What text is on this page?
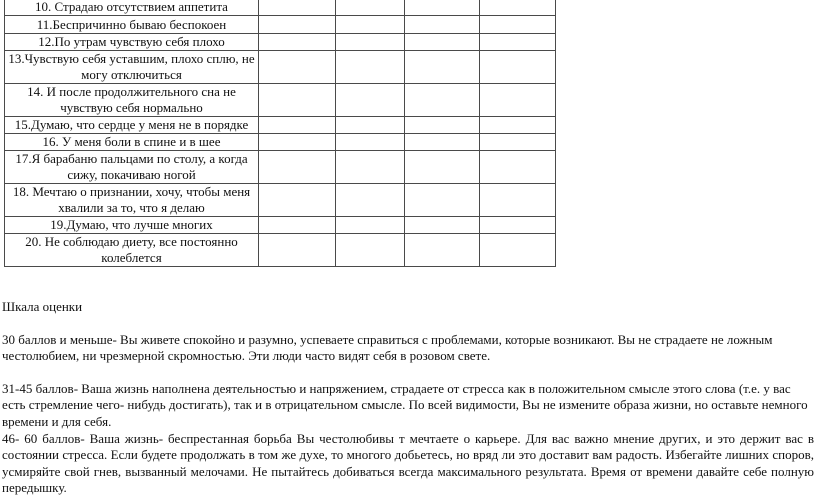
10. Страдаю отсутствием аппетита				
11.Беспричинно бываю беспокоен				
12.По утрам чувствую себя плохо				
13.Чувствую себя уставшим, плохо сплю, не могу отключиться				
14. И после продолжительного сна не чувствую себя нормально				
15.Думаю, что сердце у меня не в порядке				
16. У меня боли в спине и в шее				
17.Я барабаню пальцами по столу, а когда сижу, покачиваю ногой				
18. Мечтаю о признании, хочу, чтобы меня хвалили за то, что я делаю				
19.Думаю, что лучше многих				
20. Не соблюдаю диету, все постоянно колеблется				

Шкала оценки

30 баллов и меньше- Вы живете спокойно и разумно, успеваете справиться с проблемами, которые возникают. Вы не страдаете не ложным честолюбием, ни чрезмерной скромностью. Эти люди часто видят себя в розовом свете.

31-45 баллов- Ваша жизнь наполнена деятельностью и напряжением, страдаете от стресса как в положительном смысле этого слова (т.е. у вас есть стремление чего- нибудь достигать), так и в отрицательном смысле. По всей видимости, Вы не измените образа жизни, но оставьте немного времени и для себя.

46- 60 баллов- Ваша жизнь- беспрестанная борьба Вы честолюбивы т мечтаете о карьере. Для вас важно мнение других, и это держит вас в состоянии стресса. Если будете продолжать в том же духе, то многого добьетесь, но вряд ли это доставит вам радость. Избегайте лишних споров, усмиряйте свой гнев, вызванный мелочами. Не пытайтесь добиваться всегда максимального результата. Время от времени давайте себе полную передышку.
